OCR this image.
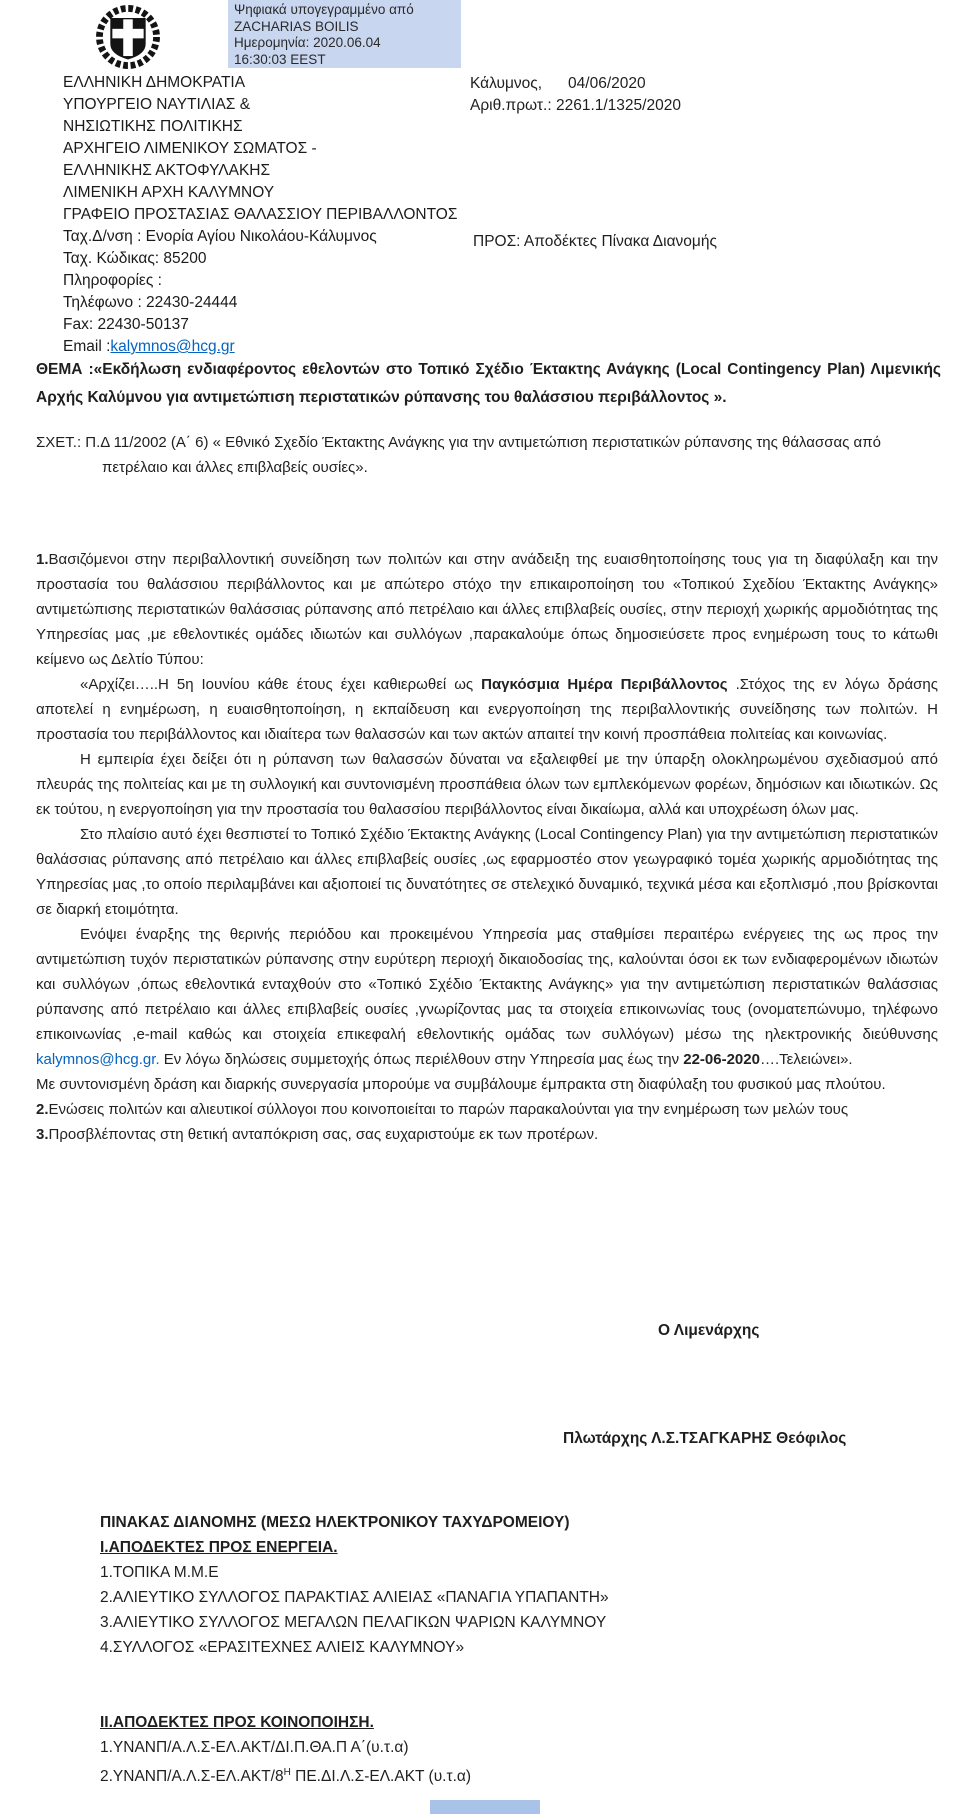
Ψηφιακά υπογεγραμμένο από
ZACHARIAS BOILIS
Ημερομηνία: 2020.06.04
16:30:03 EEST
ΕΛΛΗΝΙΚΗ ΔΗΜΟΚΡΑΤΙΑ
ΥΠΟΥΡΓΕΙΟ ΝΑΥΤΙΛΙΑΣ &
ΝΗΣΙΩΤΙΚΗΣ ΠΟΛΙΤΙΚΗΣ
ΑΡΧΗΓΕΙΟ ΛΙΜΕΝΙΚΟΥ ΣΩΜΑΤΟΣ -
ΕΛΛΗΝΙΚΗΣ ΑΚΤΟΦΥΛΑΚΗΣ
ΛΙΜΕΝΙΚΗ ΑΡΧΗ ΚΑΛΥΜΝΟΥ
ΓΡΑΦΕΙΟ ΠΡΟΣΤΑΣΙΑΣ ΘΑΛΑΣΣΙΟΥ ΠΕΡΙΒΑΛΛΟΝΤΟΣ
Ταχ.Δ/νση : Ενορία Αγίου Νικολάου-Κάλυμνος
Ταχ. Κώδικας: 85200
Πληροφορίες :
Τηλέφωνο : 22430-24444
Fax: 22430-50137
Email :kalymnos@hcg.gr
Κάλυμνος, 04/06/2020
Αριθ.πρωτ.: 2261.1/1325/2020
ΠΡΟΣ: Αποδέκτες Πίνακα Διανομής
ΘΕΜΑ :«Εκδήλωση ενδιαφέροντος εθελοντών στο Τοπικό Σχέδιο Έκτακτης Ανάγκης (Local Contingency Plan) Λιμενικής Αρχής Καλύμνου για αντιμετώπιση περιστατικών ρύπανσης του θαλάσσιου περιβάλλοντος ».
ΣΧΕΤ.: Π.Δ 11/2002 (Α΄ 6) « Εθνικό Σχεδίο Έκτακτης Ανάγκης για την αντιμετώπιση περιστατικών ρύπανσης της θάλασσας από πετρέλαιο και άλλες επιβλαβείς ουσίες».

1.Βασιζόμενοι στην περιβαλλοντική συνείδηση των πολιτών και στην ανάδειξη της ευαισθητοποίησης τους για τη διαφύλαξη και την προστασία του θαλάσσιου περιβάλλοντος και με απώτερο στόχο την επικαιροποίηση του «Τοπικού Σχεδίου Έκτακτης Ανάγκης» αντιμετώπισης περιστατικών θαλάσσιας ρύπανσης από πετρέλαιο και άλλες επιβλαβείς ουσίες, στην περιοχή χωρικής αρμοδιότητας της Υπηρεσίας μας ,με εθελοντικές ομάδες ιδιωτών και συλλόγων ,παρακαλούμε όπως δημοσιεύσετε προς ενημέρωση τους το κάτωθι κείμενο ως Δελτίο Τύπου:

«Αρχίζει…..Η 5η Ιουνίου κάθε έτους έχει καθιερωθεί ως Παγκόσμια Ημέρα Περιβάλλοντος .Στόχος της εν λόγω δράσης αποτελεί η ενημέρωση, η ευαισθητοποίηση, η εκπαίδευση και ενεργοποίηση της περιβαλλοντικής συνείδησης των πολιτών. Η προστασία του περιβάλλοντος και ιδιαίτερα των θαλασσών και των ακτών απαιτεί την κοινή προσπάθεια πολιτείας και κοινωνίας.

Η εμπειρία έχει δείξει ότι η ρύπανση των θαλασσών δύναται να εξαλειφθεί με την ύπαρξη ολοκληρωμένου σχεδιασμού από πλευράς της πολιτείας και με τη συλλογική και συντονισμένη προσπάθεια όλων των εμπλεκόμενων φορέων, δημόσιων και ιδιωτικών. Ως εκ τούτου, η ενεργοποίηση για την προστασία του θαλασσίου περιβάλλοντος είναι δικαίωμα, αλλά και υποχρέωση όλων μας.

Στο πλαίσιο αυτό έχει θεσπιστεί το Τοπικό Σχέδιο Έκτακτης Ανάγκης (Local Contingency Plan) για την αντιμετώπιση περιστατικών θαλάσσιας ρύπανσης από πετρέλαιο και άλλες επιβλαβείς ουσίες ,ως εφαρμοστέο στον γεωγραφικό τομέα χωρικής αρμοδιότητας της Υπηρεσίας μας ,το οποίο περιλαμβάνει και αξιοποιεί τις δυνατότητες σε στελεχικό δυναμικό, τεχνικά μέσα και εξοπλισμό ,που βρίσκονται σε διαρκή ετοιμότητα.

Ενόψει έναρξης της θερινής περιόδου και προκειμένου Υπηρεσία μας σταθμίσει περαιτέρω ενέργειες της ως προς την αντιμετώπιση τυχόν περιστατικών ρύπανσης στην ευρύτερη περιοχή δικαιοδοσίας της, καλούνται όσοι εκ των ενδιαφερομένων ιδιωτών και συλλόγων ,όπως εθελοντικά ενταχθούν στο «Τοπικό Σχέδιο Έκτακτης Ανάγκης» για την αντιμετώπιση περιστατικών θαλάσσιας ρύπανσης από πετρέλαιο και άλλες επιβλαβείς ουσίες ,γνωρίζοντας μας τα στοιχεία επικοινωνίας τους (ονοματεπώνυμο, τηλέφωνο επικοινωνίας ,e-mail καθώς και στοιχεία επικεφαλή εθελοντικής ομάδας των συλλόγων) μέσω της ηλεκτρονικής διεύθυνσης kalymnos@hcg.gr. Εν λόγω δηλώσεις συμμετοχής όπως περιέλθουν στην Υπηρεσία μας έως την 22-06-2020….Τελειώνει».

Με συντονισμένη δράση και διαρκής συνεργασία μπορούμε να συμβάλουμε έμπρακτα στη διαφύλαξη του φυσικού μας πλούτου.

2.Ενώσεις πολιτών και αλιευτικοί σύλλογοι που κοινοποιείται το παρών παρακαλούνται για την ενημέρωση των μελών τους

3.Προσβλέποντας στη θετική ανταπόκριση σας, σας ευχαριστούμε εκ των προτέρων.

Ο Λιμενάρχης
Πλωτάρχης Λ.Σ.ΤΣΑΓΚΑΡΗΣ Θεόφιλος
ΠΙΝΑΚΑΣ ΔΙΑΝΟΜΗΣ (ΜΕΣΩ ΗΛΕΚΤΡΟΝΙΚΟΥ ΤΑΧΥΔΡΟΜΕΙΟΥ)
Ι.ΑΠΟΔΕΚΤΕΣ ΠΡΟΣ ΕΝΕΡΓΕΙΑ.
1.ΤΟΠΙΚΑ Μ.Μ.Ε
2.ΑΛΙΕΥΤΙΚΟ ΣΥΛΛΟΓΟΣ ΠΑΡΑΚΤΙΑΣ ΑΛΙΕΙΑΣ «ΠΑΝΑΓΙΑ ΥΠΑΠΑΝΤΗ»
3.ΑΛΙΕΥΤΙΚΟ ΣΥΛΛΟΓΟΣ ΜΕΓΑΛΩΝ ΠΕΛΑΓΙΚΩΝ ΨΑΡΙΩΝ ΚΑΛΥΜΝΟΥ
4.ΣΥΛΛΟΓΟΣ «ΕΡΑΣΙΤΕΧΝΕΣ ΑΛΙΕΙΣ ΚΑΛΥΜΝΟΥ»
ΙΙ.ΑΠΟΔΕΚΤΕΣ ΠΡΟΣ ΚΟΙΝΟΠΟΙΗΣΗ.
1.ΥΝΑΝΠ/Α.Λ.Σ-ΕΛ.ΑΚΤ/ΔΙ.Π.ΘΑ.Π Α΄(υ.τ.α)
$2.\Upsilon NAN\Pi/A.\Lambda.\Sigma-E\Lambda.AKT/8^H$ ΠΕ.ΔΙ.Λ.Σ-ΕΛ.ΑΚΤ (υ.τ.α)
